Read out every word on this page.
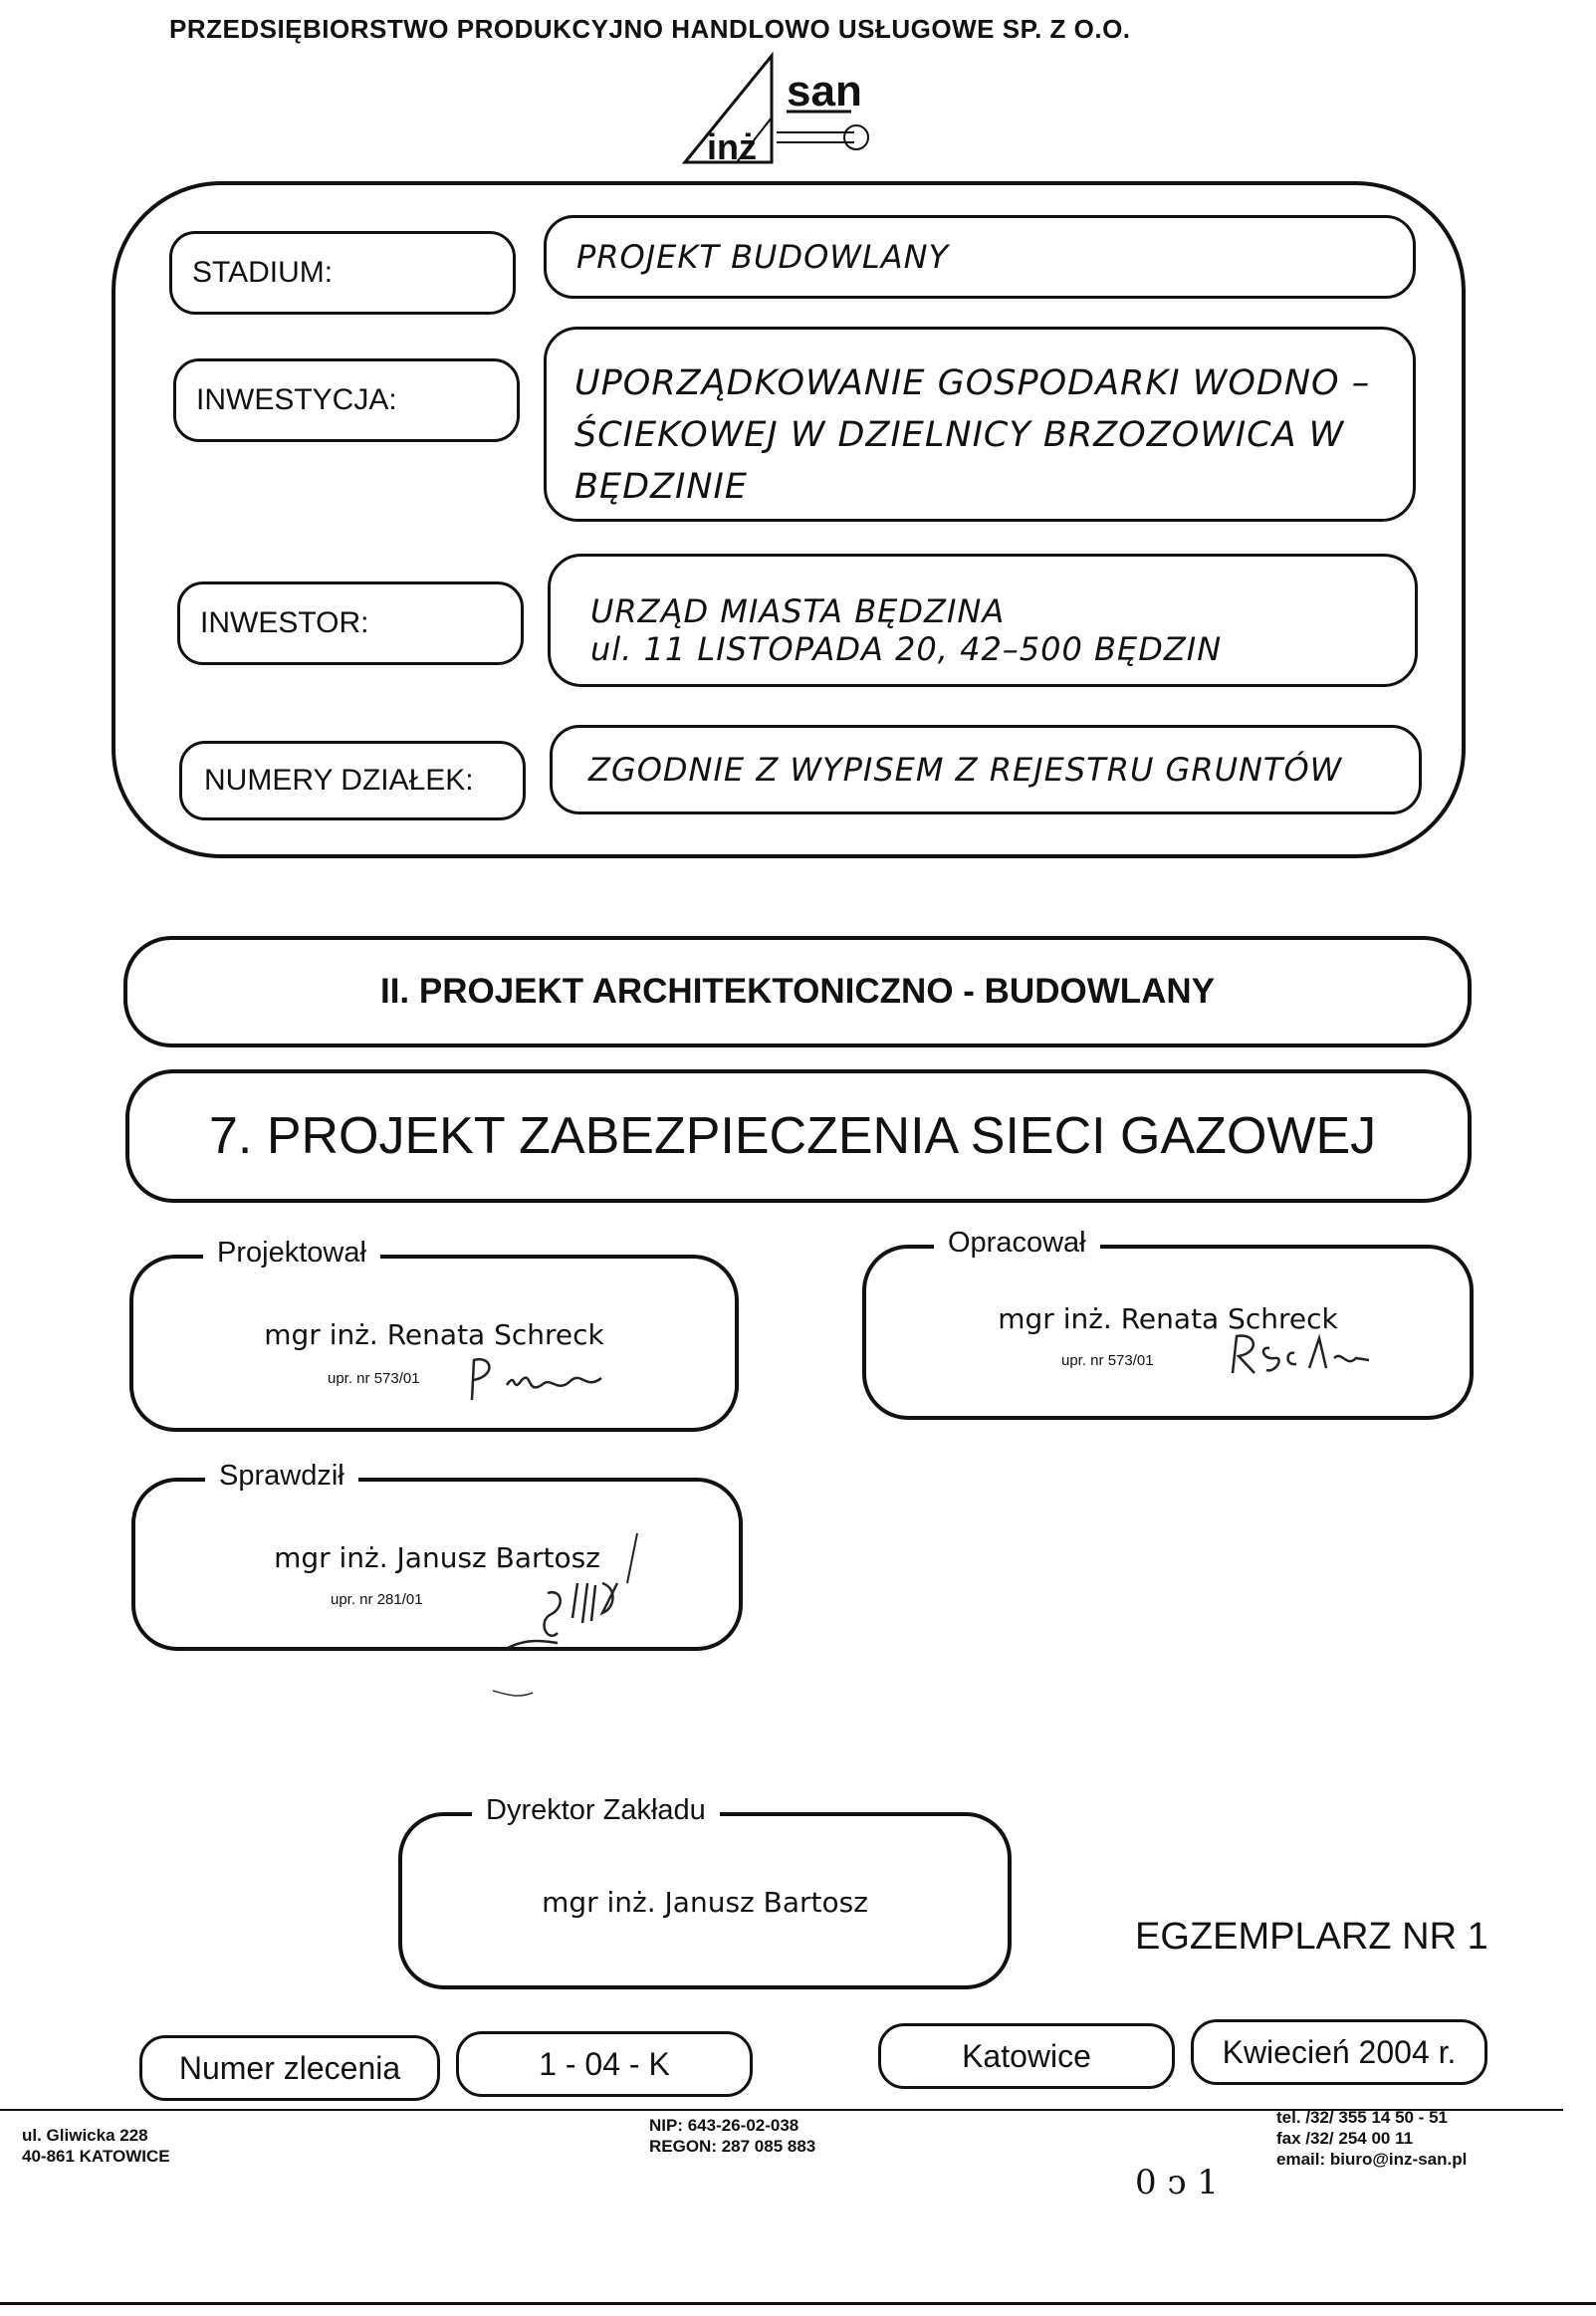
PRZEDSIĘBIORSTWO PRODUKCYJNO HANDLOWO USŁUGOWE SP. Z O.O.
san
inż
STADIUM:	PROJEKT BUDOWLANY
INWESTYCJA:	UPORZĄDKOWANIE GOSPODARKI WODNO –
ŚCIEKOWEJ W DZIELNICY BRZOZOWICA W
BĘDZINIE
INWESTOR:	URZĄD MIASTA BĘDZINA
ul. 11 LISTOPADA 20, 42–500 BĘDZIN
NUMERY DZIAŁEK:	ZGODNIE Z WYPISEM Z REJESTRU GRUNTÓW
II. PROJEKT ARCHITEKTONICZNO - BUDOWLANY
7. PROJEKT ZABEZPIECZENIA SIECI GAZOWEJ
Projektował
mgr inż. Renata Schreck
upr. nr 573/01
Opracował
mgr inż. Renata Schreck
upr. nr 573/01
Sprawdził
mgr inż. Janusz Bartosz
upr. nr 281/01
Dyrektor Zakładu
mgr inż. Janusz Bartosz
EGZEMPLARZ NR 1
Numer zlecenia	1 - 04 - K	Katowice	Kwiecień 2004 r.
ul. Gliwicka 228
40-861 KATOWICE
NIP: 643-26-02-038
REGON: 287 085 883
tel. /32/ 355 14 50 - 51
fax /32/ 254 00 11
email: biuro@inz-san.pl
0 ↄ 1
